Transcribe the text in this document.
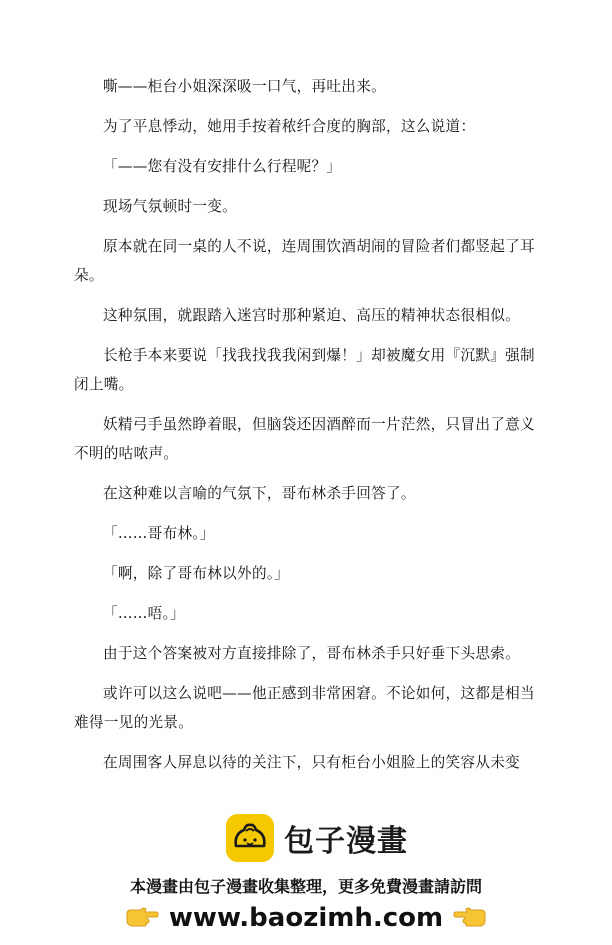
嘶——柜台小姐深深吸一口气，再吐出来。

为了平息悸动，她用手按着秾纤合度的胸部，这么说道：

「——您有没有安排什么行程呢？」

现场气氛顿时一变。

原本就在同一桌的人不说，连周围饮酒胡闹的冒险者们都竖起了耳朵。

这种氛围，就跟踏入迷宫时那种紧迫、高压的精神状态很相似。

长枪手本来要说「找我找我我闲到爆！」却被魔女用『沉默』强制闭上嘴。

妖精弓手虽然睁着眼，但脑袋还因酒醉而一片茫然，只冒出了意义不明的咕哝声。

在这种难以言喻的气氛下，哥布林杀手回答了。

「……哥布林。」

「啊，除了哥布林以外的。」

「……唔。」

由于这个答案被对方直接排除了，哥布林杀手只好垂下头思索。

或许可以这么说吧——他正感到非常困窘。不论如何，这都是相当难得一见的光景。

在周围客人屏息以待的关注下，只有柜台小姐脸上的笑容从未变

包子漫畫
本漫畫由包子漫畫收集整理，更多免費漫畫請訪問
www.baozimh.com
